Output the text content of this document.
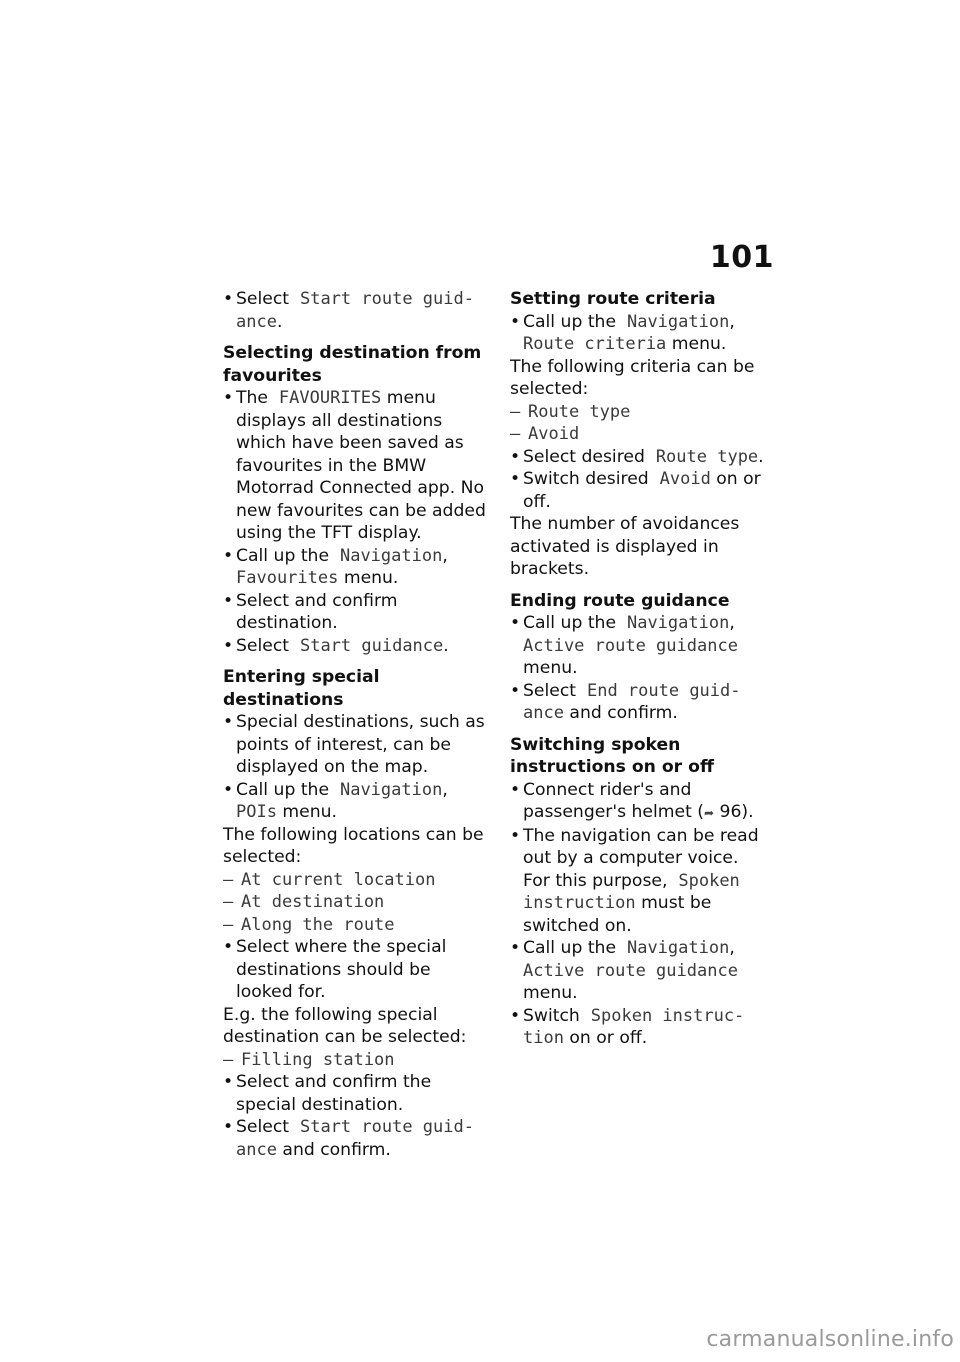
101

• Select Start route guid-
ance.

Selecting destination from favourites

• The FAVOURITES menu displays all destinations which have been saved as favourites in the BMW Motorrad Connected app. No new favourites can be added using the TFT display.

• Call up the Navigation,
Favourites menu.

• Select and confirm destination.

• Select Start guidance.

Entering special destinations

• Special destinations, such as points of interest, can be displayed on the map.

• Call up the Navigation,
POIs menu.

The following locations can be selected:

– At current location

– At destination

– Along the route

• Select where the special destinations should be looked for.

E.g. the following special destination can be selected:

– Filling station

• Select and confirm the special destination.

• Select Start route guid-
ance and confirm.

Setting route criteria

• Call up the Navigation,
Route criteria menu.

The following criteria can be selected:

– Route type

– Avoid

• Select desired Route type.

• Switch desired Avoid on or off.

The number of avoidances activated is displayed in brackets.

Ending route guidance

• Call up the Navigation,
Active route guidance
menu.

• Select End route guid-
ance and confirm.

Switching spoken instructions on or off

• Connect rider's and passenger's helmet (➦ 96).

• The navigation can be read out by a computer voice.
For this purpose, Spoken
instruction must be switched on.

• Call up the Navigation,
Active route guidance
menu.

• Switch Spoken instruc-
tion on or off.

carmanualsonline.info
